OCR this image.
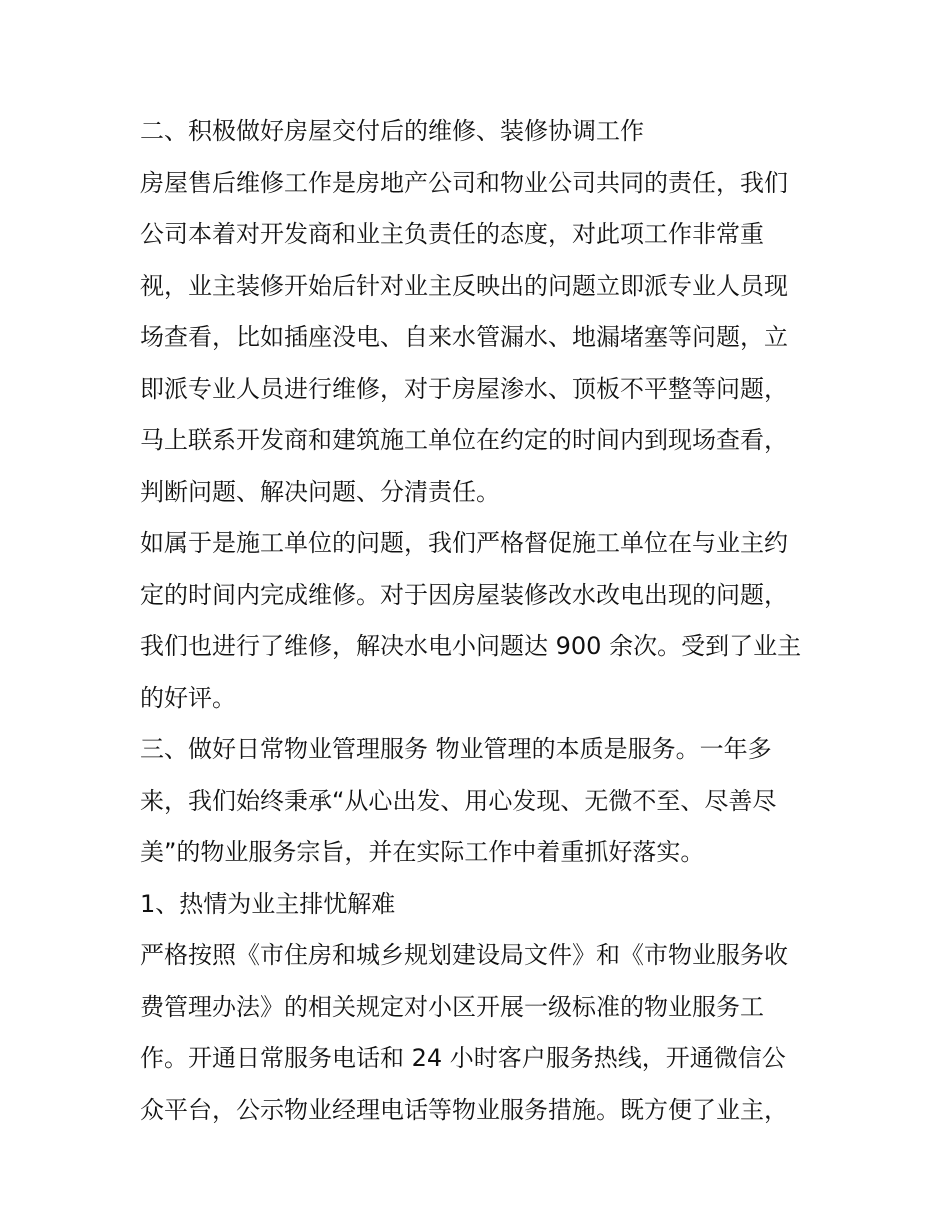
二、积极做好房屋交付后的维修、装修协调工作
房屋售后维修工作是房地产公司和物业公司共同的责任，我们
公司本着对开发商和业主负责任的态度，对此项工作非常重
视，业主装修开始后针对业主反映出的问题立即派专业人员现
场查看，比如插座没电、自来水管漏水、地漏堵塞等问题，立
即派专业人员进行维修，对于房屋渗水、顶板不平整等问题，
马上联系开发商和建筑施工单位在约定的时间内到现场查看，
判断问题、解决问题、分清责任。
如属于是施工单位的问题，我们严格督促施工单位在与业主约
定的时间内完成维修。对于因房屋装修改水改电出现的问题，
我们也进行了维修，解决水电小问题达 900 余次。受到了业主
的好评。
三、做好日常物业管理服务 物业管理的本质是服务。一年多
来，我们始终秉承“从心出发、用心发现、无微不至、尽善尽
美”的物业服务宗旨，并在实际工作中着重抓好落实。
1、热情为业主排忧解难
严格按照《市住房和城乡规划建设局文件》和《市物业服务收
费管理办法》的相关规定对小区开展一级标准的物业服务工
作。开通日常服务电话和 24 小时客户服务热线，开通微信公
众平台，公示物业经理电话等物业服务措施。既方便了业主，
